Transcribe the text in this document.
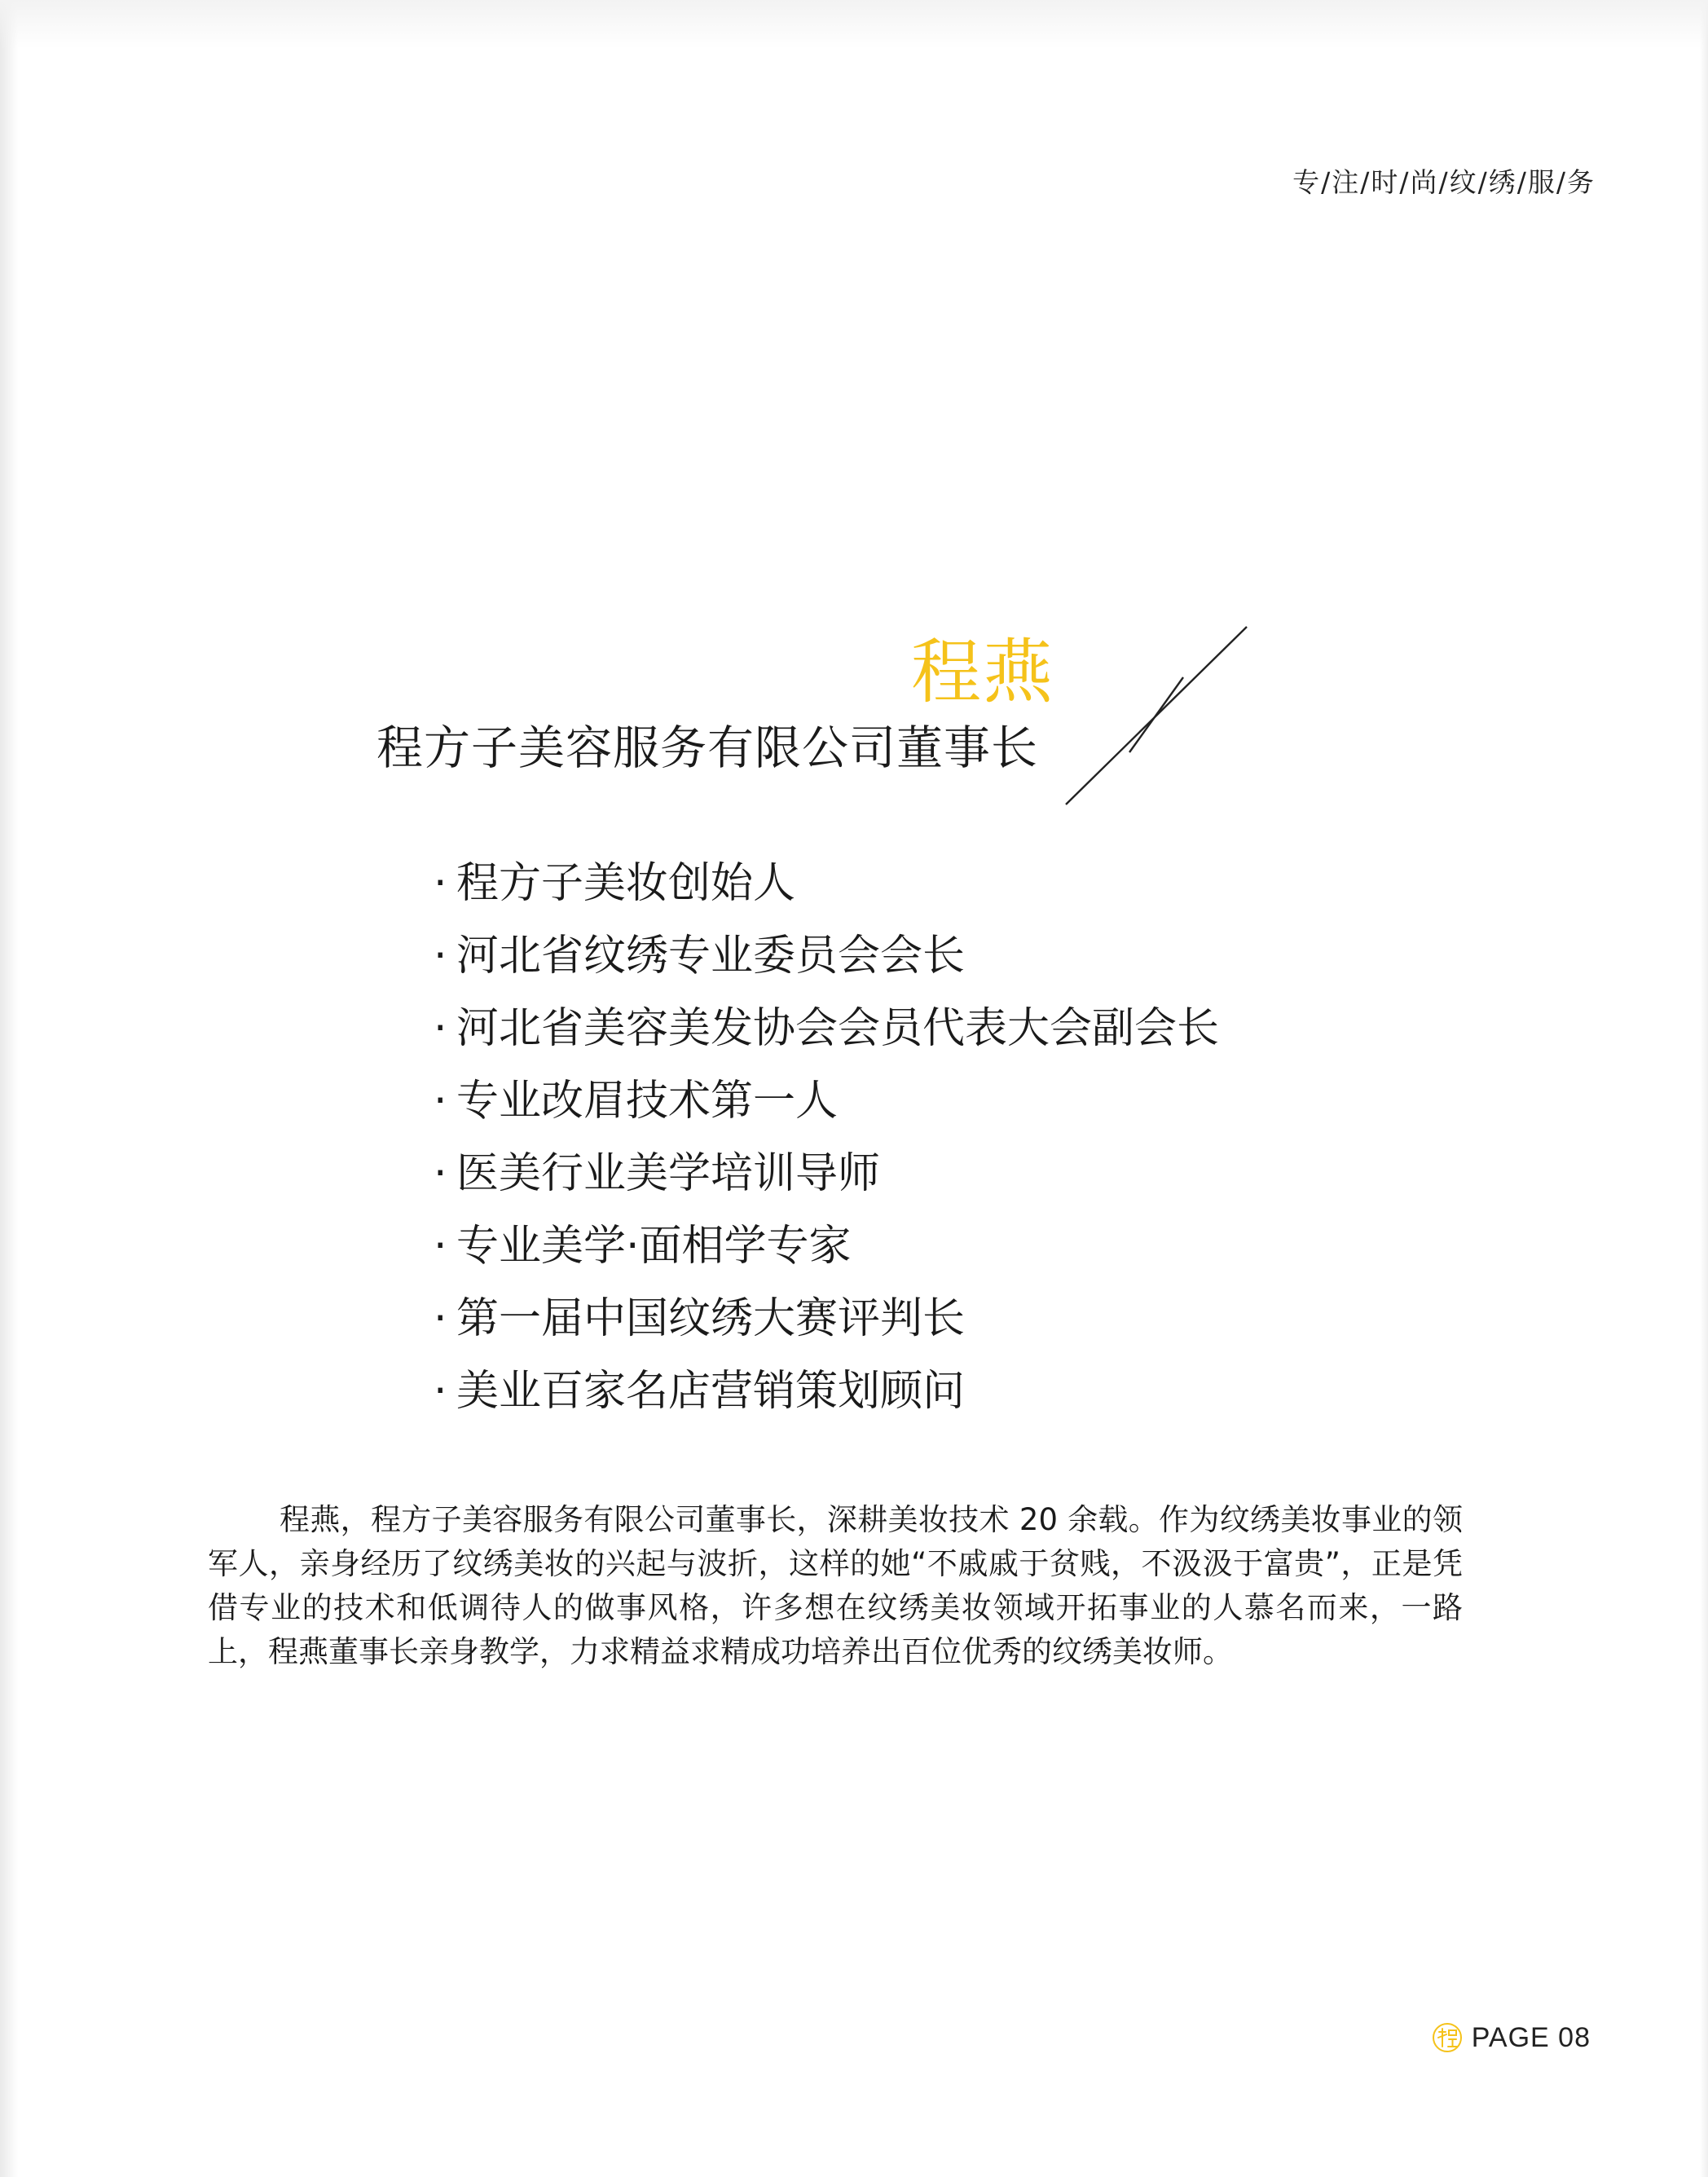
专/注/时/尚/纹/绣/服/务
程燕
程方子美容服务有限公司董事长
· 程方子美妆创始人
· 河北省纹绣专业委员会会长
· 河北省美容美发协会会员代表大会副会长
· 专业改眉技术第一人
· 医美行业美学培训导师
· 专业美学·面相学专家
· 第一届中国纹绣大赛评判长
· 美业百家名店营销策划顾问

程燕，程方子美容服务有限公司董事长，深耕美妆技术 20 余载。作为纹绣美妆事业的领军人，亲身经历了纹绣美妆的兴起与波折，这样的她“不戚戚于贫贱，不汲汲于富贵”，正是凭借专业的技术和低调待人的做事风格，许多想在纹绣美妆领域开拓事业的人慕名而来，一路上，程燕董事长亲身教学，力求精益求精成功培养出百位优秀的纹绣美妆师。

PAGE 08
